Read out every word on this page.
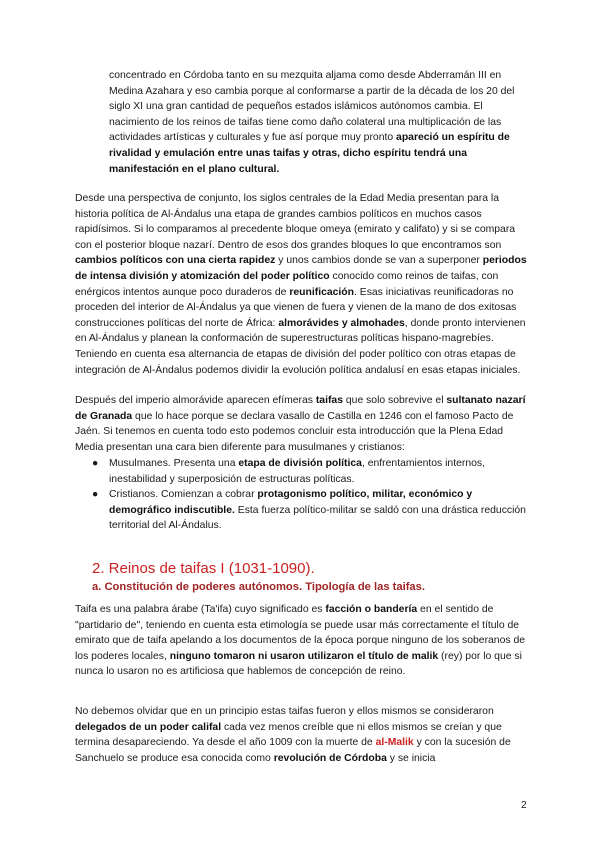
concentrado en Córdoba tanto en su mezquita aljama como desde Abderramán III en Medina Azahara y eso cambia porque al conformarse a partir de la década de los 20 del siglo XI una gran cantidad de pequeños estados islámicos autónomos cambia. El nacimiento de los reinos de taifas tiene como daño colateral una multiplicación de las actividades artísticas y culturales y fue así porque muy pronto apareció un espíritu de rivalidad y emulación entre unas taifas y otras, dicho espíritu tendrá una manifestación en el plano cultural.

Desde una perspectiva de conjunto, los siglos centrales de la Edad Media presentan para la historia política de Al-Ándalus una etapa de grandes cambios políticos en muchos casos rapidísimos. Si lo comparamos al precedente bloque omeya (emirato y califato) y si se compara con el posterior bloque nazarí. Dentro de esos dos grandes bloques lo que encontramos son cambios políticos con una cierta rapidez y unos cambios donde se van a superponer periodos de intensa división y atomización del poder político conocido como reinos de taifas, con enérgicos intentos aunque poco duraderos de reunificación. Esas iniciativas reunificadoras no proceden del interior de Al-Ándalus ya que vienen de fuera y vienen de la mano de dos exitosas construcciones políticas del norte de África: almorávides y almohades, donde pronto intervienen en Al-Ándalus y planean la conformación de superestructuras políticas hispano-magrebíes. Teniendo en cuenta esa alternancia de etapas de división del poder político con otras etapas de integración de Al-Ándalus podemos dividir la evolución política andalusí en esas etapas iniciales.

Después del imperio almorávide aparecen efímeras taifas que solo sobrevive el sultanato nazarí de Granada que lo hace porque se declara vasallo de Castilla en 1246 con el famoso Pacto de Jaén. Si tenemos en cuenta todo esto podemos concluir esta introducción que la Plena Edad Media presentan una cara bien diferente para musulmanes y cristianos:

● Musulmanes. Presenta una etapa de división política, enfrentamientos internos, inestabilidad y superposición de estructuras políticas.
● Cristianos. Comienzan a cobrar protagonismo político, militar, económico y demográfico indiscutible. Esta fuerza político-militar se saldó con una drástica reducción territorial del Al-Ándalus.
2. Reinos de taifas I (1031-1090).
a. Constitución de poderes autónomos. Tipología de las taifas.

Taifa es una palabra árabe (Ta'ifa) cuyo significado es facción o bandería en el sentido de "partidario de", teniendo en cuenta esta etimología se puede usar más correctamente el título de emirato que de taifa apelando a los documentos de la época porque ninguno de los soberanos de los poderes locales, ninguno tomaron ni usaron utilizaron el título de malik (rey) por lo que si nunca lo usaron no es artificiosa que hablemos de concepción de reino.

No debemos olvidar que en un principio estas taifas fueron y ellos mismos se consideraron delegados de un poder califal cada vez menos creíble que ni ellos mismos se creían y que termina desapareciendo. Ya desde el año 1009 con la muerte de al-Malik y con la sucesión de Sanchuelo se produce esa conocida como revolución de Córdoba y se inicia

2
